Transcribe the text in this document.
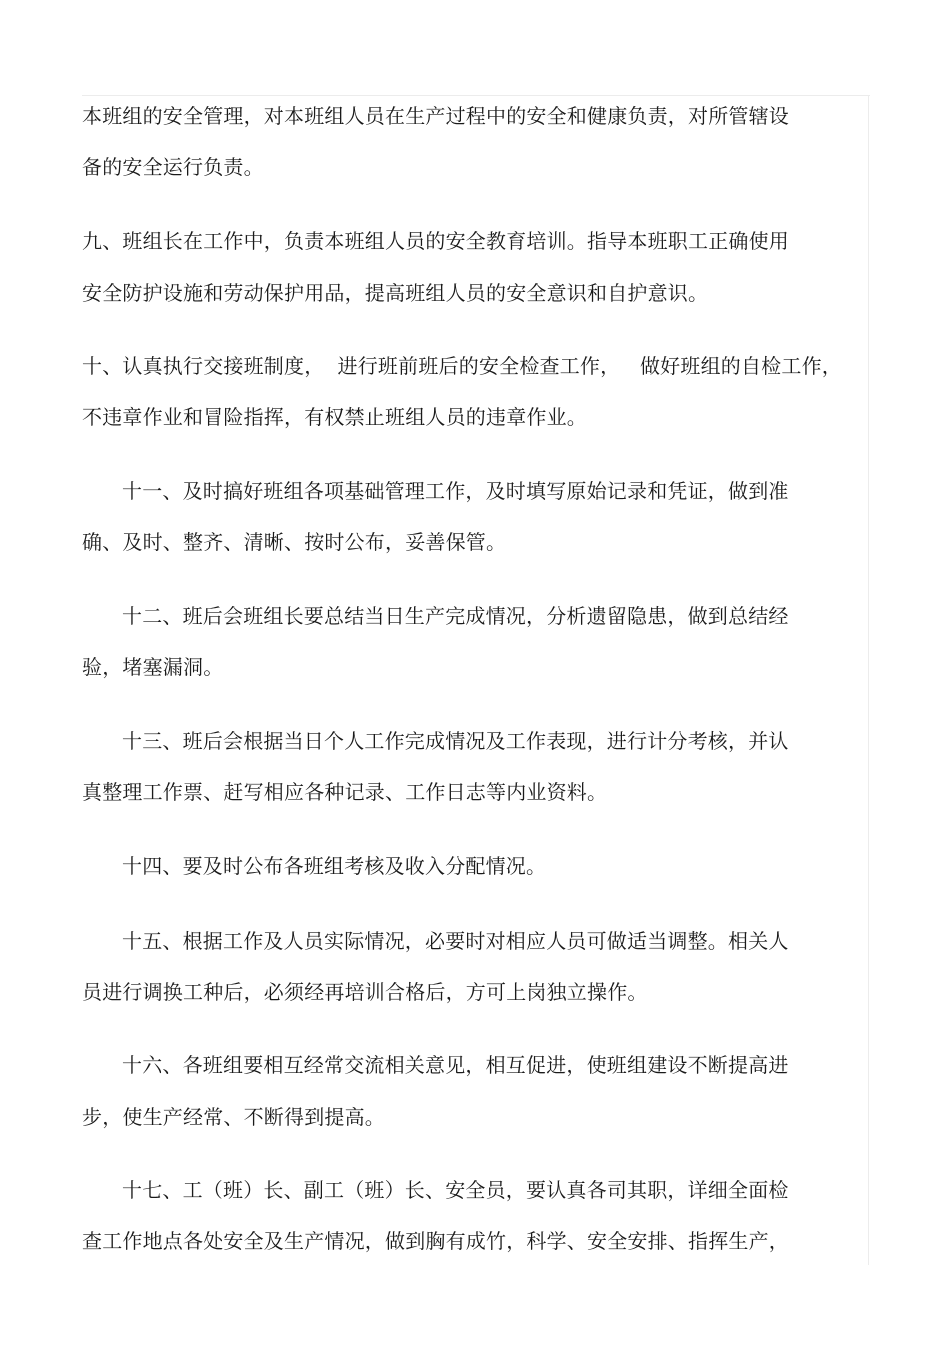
本班组的安全管理，对本班组人员在生产过程中的安全和健康负责，对所管辖设
备的安全运行负责。
九、班组长在工作中，负责本班组人员的安全教育培训。指导本班职工正确使用
安全防护设施和劳动保护用品，提高班组人员的安全意识和自护意识。
十、认真执行交接班制度，  进行班前班后的安全检查工作，   做好班组的自检工作，
不违章作业和冒险指挥，有权禁止班组人员的违章作业。
十一、及时搞好班组各项基础管理工作，及时填写原始记录和凭证，做到准
确、及时、整齐、清晰、按时公布，妥善保管。
十二、班后会班组长要总结当日生产完成情况，分析遗留隐患，做到总结经
验，堵塞漏洞。
十三、班后会根据当日个人工作完成情况及工作表现，进行计分考核，并认
真整理工作票、赶写相应各种记录、工作日志等内业资料。
十四、要及时公布各班组考核及收入分配情况。
十五、根据工作及人员实际情况，必要时对相应人员可做适当调整。相关人
员进行调换工种后，必须经再培训合格后，方可上岗独立操作。
十六、各班组要相互经常交流相关意见，相互促进，使班组建设不断提高进
步，使生产经常、不断得到提高。
十七、工（班）长、副工（班）长、安全员，要认真各司其职，详细全面检
查工作地点各处安全及生产情况，做到胸有成竹，科学、安全安排、指挥生产，
